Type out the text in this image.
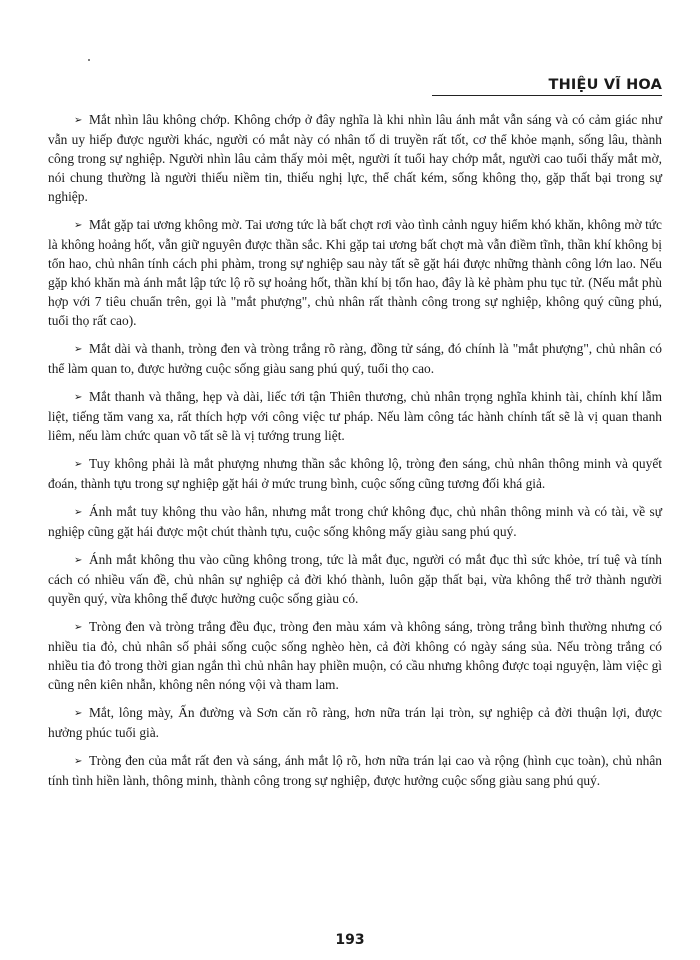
THIỆU VĨ HOA

➢ Mắt nhìn lâu không chớp. Không chớp ở đây nghĩa là khi nhìn lâu ánh mắt vẫn sáng và có cảm giác như vẫn uy hiếp được người khác, người có mắt này có nhân tố di truyền rất tốt, cơ thể khỏe mạnh, sống lâu, thành công trong sự nghiệp. Người nhìn lâu cảm thấy mỏi mệt, người ít tuổi hay chớp mắt, người cao tuổi thấy mắt mờ, nói chung thường là người thiếu niềm tin, thiếu nghị lực, thể chất kém, sống không thọ, gặp thất bại trong sự nghiệp.

➢ Mắt gặp tai ương không mờ. Tai ương tức là bất chợt rơi vào tình cảnh nguy hiểm khó khăn, không mờ tức là không hoảng hốt, vẫn giữ nguyên được thần sắc. Khi gặp tai ương bất chợt mà vẫn điềm tĩnh, thần khí không bị tổn hao, chủ nhân tính cách phi phàm, trong sự nghiệp sau này tất sẽ gặt hái được những thành công lớn lao. Nếu gặp khó khăn mà ánh mắt lập tức lộ rõ sự hoảng hốt, thần khí bị tổn hao, đây là kẻ phàm phu tục tử. (Nếu mắt phù hợp với 7 tiêu chuẩn trên, gọi là "mắt phượng", chủ nhân rất thành công trong sự nghiệp, không quý cũng phú, tuổi thọ rất cao).

➢ Mắt dài và thanh, tròng đen và tròng trắng rõ ràng, đồng tử sáng, đó chính là "mắt phượng", chủ nhân có thể làm quan to, được hưởng cuộc sống giàu sang phú quý, tuổi thọ cao.

➢ Mắt thanh và thẳng, hẹp và dài, liếc tới tận Thiên thương, chủ nhân trọng nghĩa khinh tài, chính khí lẫm liệt, tiếng tăm vang xa, rất thích hợp với công việc tư pháp. Nếu làm công tác hành chính tất sẽ là vị quan thanh liêm, nếu làm chức quan võ tất sẽ là vị tướng trung liệt.

➢ Tuy không phải là mắt phượng nhưng thần sắc không lộ, tròng đen sáng, chủ nhân thông minh và quyết đoán, thành tựu trong sự nghiệp gặt hái ở mức trung bình, cuộc sống cũng tương đối khá giả.

➢ Ánh mắt tuy không thu vào hẳn, nhưng mắt trong chứ không đục, chủ nhân thông minh và có tài, về sự nghiệp cũng gặt hái được một chút thành tựu, cuộc sống không mấy giàu sang phú quý.

➢ Ánh mắt không thu vào cũng không trong, tức là mắt đục, người có mắt đục thì sức khỏe, trí tuệ và tính cách có nhiều vấn đề, chủ nhân sự nghiệp cả đời khó thành, luôn gặp thất bại, vừa không thể trở thành người quyền quý, vừa không thể được hưởng cuộc sống giàu có.

➢ Tròng đen và tròng trắng đều đục, tròng đen màu xám và không sáng, tròng trắng bình thường nhưng có nhiều tia đỏ, chủ nhân số phải sống cuộc sống nghèo hèn, cả đời không có ngày sáng sủa. Nếu tròng trắng có nhiều tia đỏ trong thời gian ngắn thì chủ nhân hay phiền muộn, có cầu nhưng không được toại nguyện, làm việc gì cũng nên kiên nhẫn, không nên nóng vội và tham lam.

➢ Mắt, lông mày, Ấn đường và Sơn căn rõ ràng, hơn nữa trán lại tròn, sự nghiệp cả đời thuận lợi, được hưởng phúc tuổi già.

➢ Tròng đen của mắt rất đen và sáng, ánh mắt lộ rõ, hơn nữa trán lại cao và rộng (hình cục toàn), chủ nhân tính tình hiền lành, thông minh, thành công trong sự nghiệp, được hưởng cuộc sống giàu sang phú quý.

193
